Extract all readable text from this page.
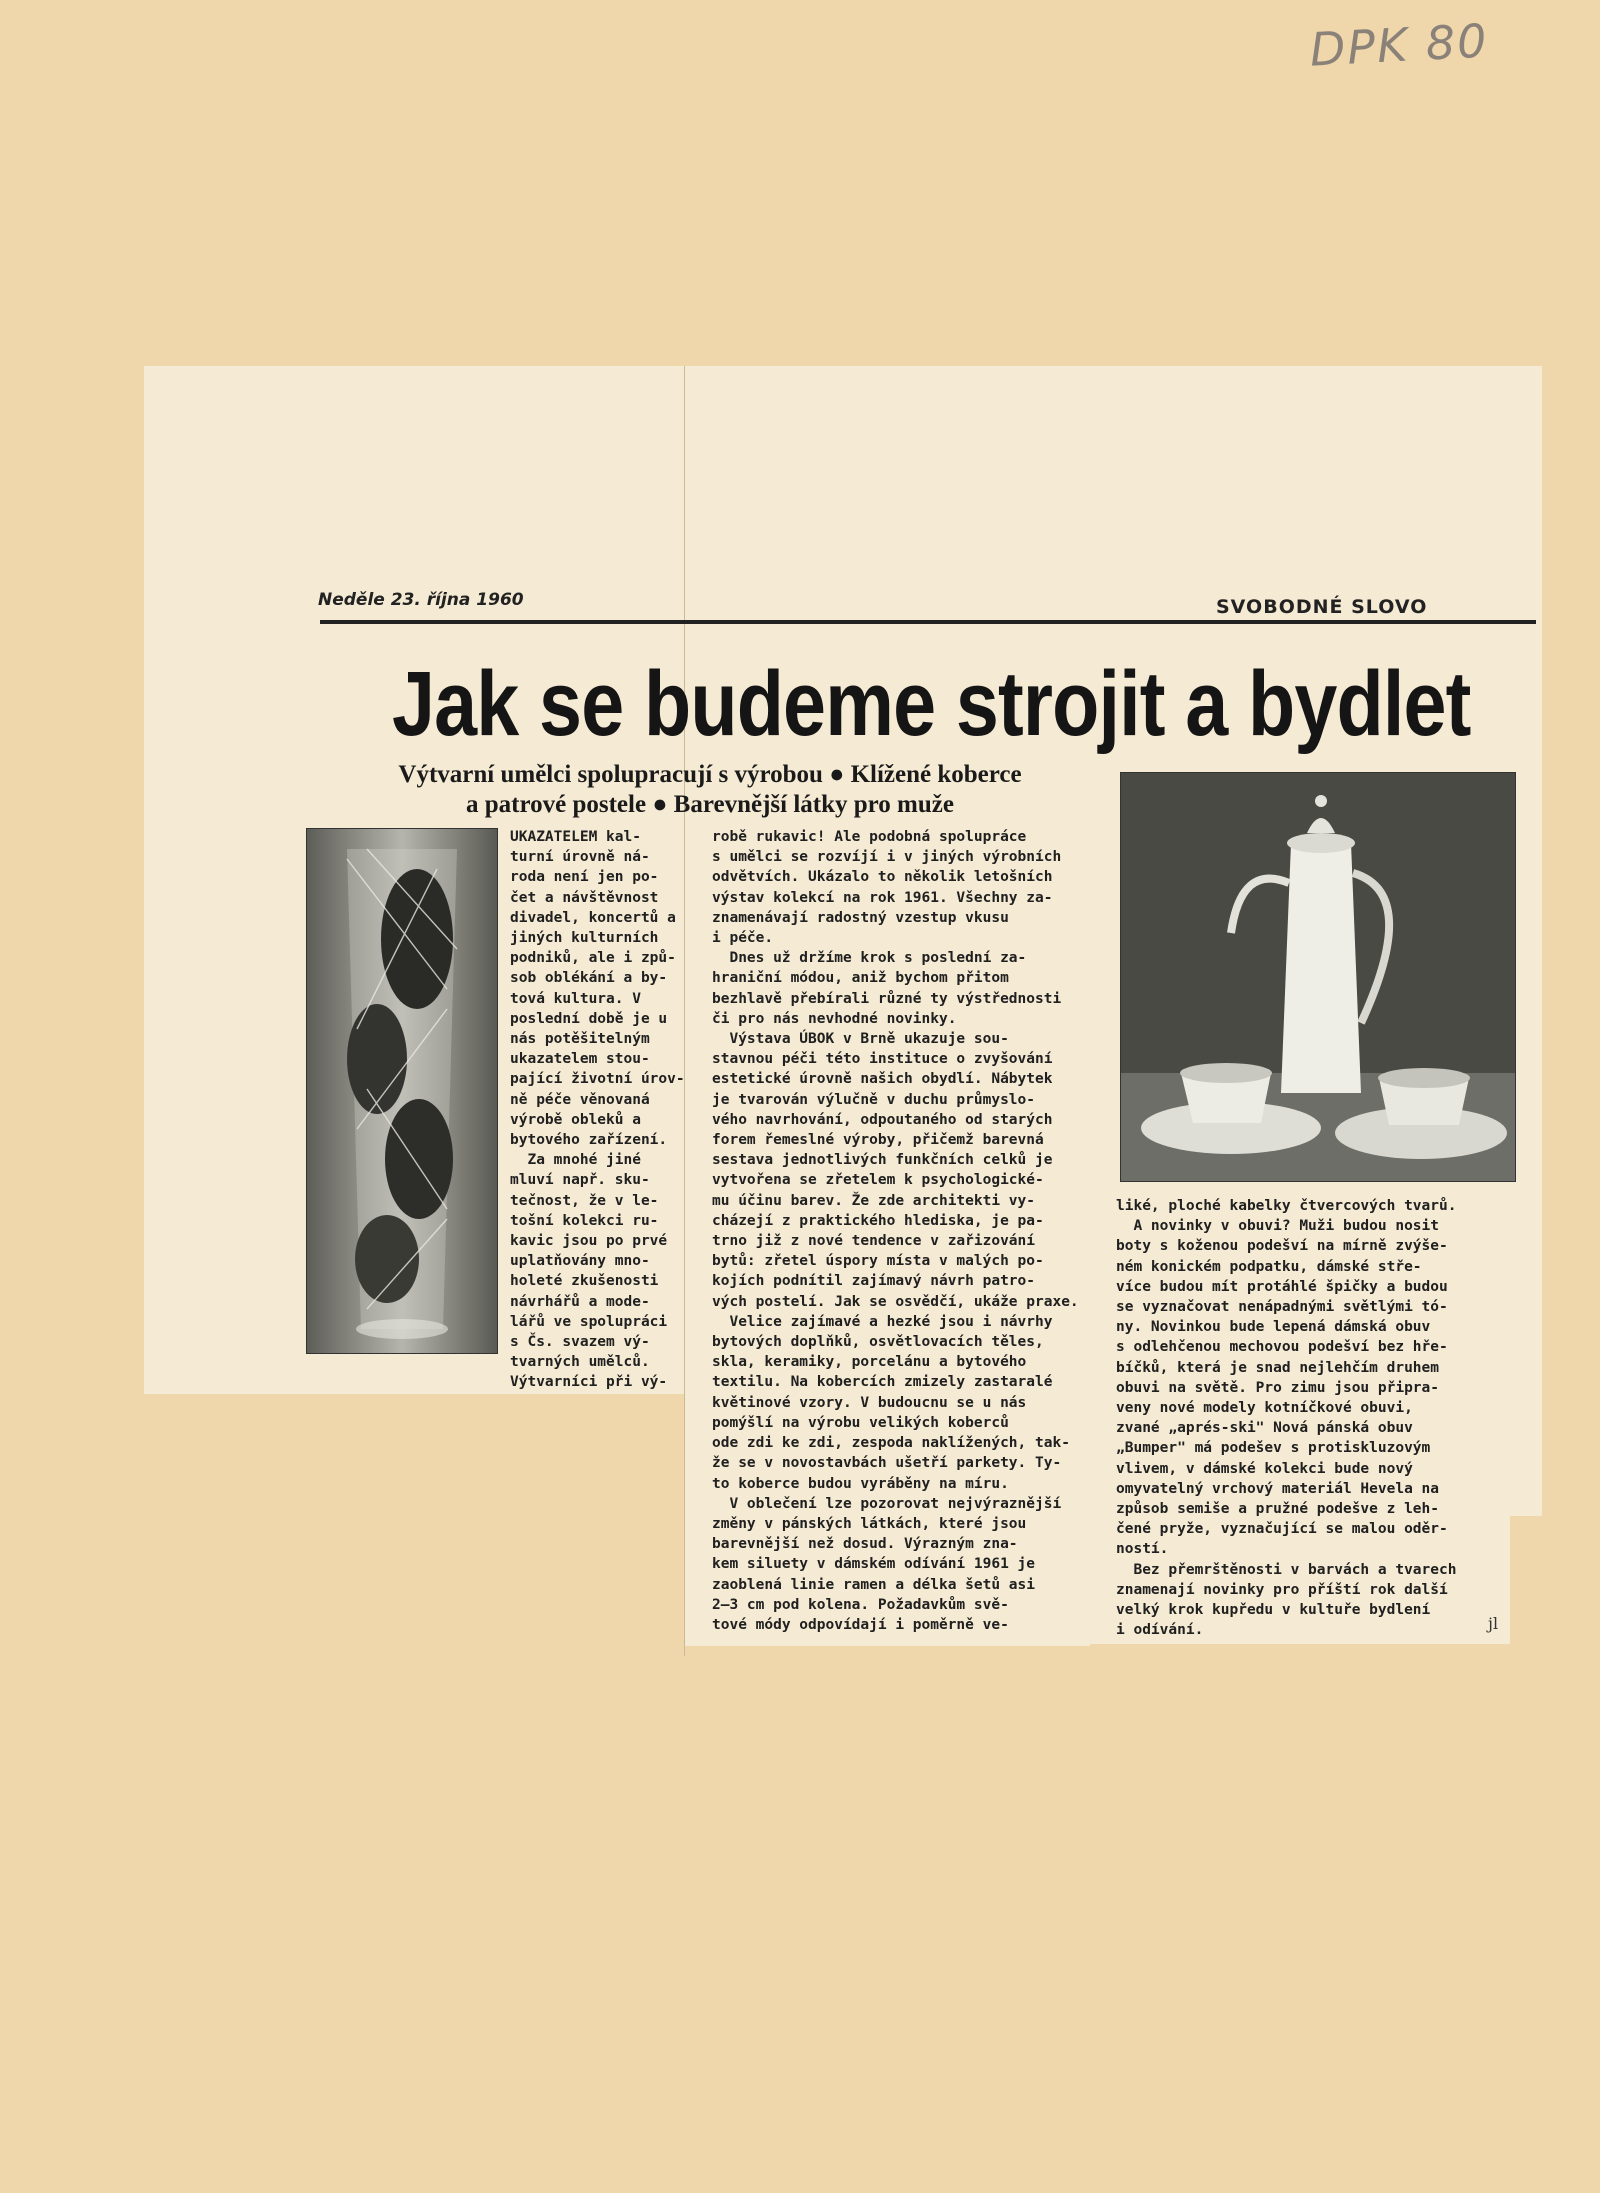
DPK 80
Neděle 23. října 1960	SVOBODNÉ SLOVO
Jak se budeme strojit a bydlet
Výtvarní umělci spolupracují s výrobou ● Klížené koberce
a patrové postele ● Barevnější látky pro muže
UKAZATELEM kal-
turní úrovně ná-
roda není jen po-
čet a návštěvnost
divadel, koncertů a
jiných kulturních
podniků, ale i způ-
sob oblékání a by-
tová kultura. V
poslední době je u
nás potěšitelným
ukazatelem stou-
pající životní úrov-
ně péče věnovaná
výrobě obleků a
bytového zařízení.
Za mnohé jiné
mluví např. sku-
tečnost, že v le-
tošní kolekci ru-
kavic jsou po prvé
uplatňovány mno-
holeté zkušenosti
návrhářů a mode-
lářů ve spolupráci
s Čs. svazem vý-
tvarných umělců.
Výtvarníci při vý-
robě rukavic! Ale podobná spolupráce
s umělci se rozvíjí i v jiných výrobních
odvětvích. Ukázalo to několik letošních
výstav kolekcí na rok 1961. Všechny za-
znamenávají radostný vzestup vkusu
i péče.
Dnes už držíme krok s poslední za-
hraniční módou, aniž bychom přitom
bezhlavě přebírali různé ty výstřednosti
či pro nás nevhodné novinky.
Výstava ÚBOK v Brně ukazuje sou-
stavnou péči této instituce o zvyšování
estetické úrovně našich obydlí. Nábytek
je tvarován výlučně v duchu průmyslo-
vého navrhování, odpoutaného od starých
forem řemeslné výroby, přičemž barevná
sestava jednotlivých funkčních celků je
vytvořena se zřetelem k psychologické-
mu účinu barev. Že zde architekti vy-
cházejí z praktického hlediska, je pa-
trno již z nové tendence v zařizování
bytů: zřetel úspory místa v malých po-
kojích podnítil zajímavý návrh patro-
vých postelí. Jak se osvědčí, ukáže praxe.
Velice zajímavé a hezké jsou i návrhy
bytových doplňků, osvětlovacích těles,
skla, keramiky, porcelánu a bytového
textilu. Na kobercích zmizely zastaralé
květinové vzory. V budoucnu se u nás
pomýšlí na výrobu velikých koberců
ode zdi ke zdi, zespoda naklížených, tak-
že se v novostavbách ušetří parkety. Ty-
to koberce budou vyráběny na míru.
V oblečení lze pozorovat nejvýraznější
změny v pánských látkách, které jsou
barevnější než dosud. Výrazným zna-
kem siluety v dámském odívání 1961 je
zaoblená linie ramen a délka šetů asi
2—3 cm pod kolena. Požadavkům svě-
tové módy odpovídají i poměrně ve-
liké, ploché kabelky čtvercových tvarů.
A novinky v obuvi? Muži budou nosit
boty s koženou podešví na mírně zvýše-
ném konickém podpatku, dámské stře-
více budou mít protáhlé špičky a budou
se vyznačovat nenápadnými světlými tó-
ny. Novinkou bude lepená dámská obuv
s odlehčenou mechovou podešví bez hře-
bíčků, která je snad nejlehčím druhem
obuvi na světě. Pro zimu jsou připra-
veny nové modely kotníčkové obuvi,
zvané „aprés-ski" Nová pánská obuv
„Bumper" má podešev s protiskluzovým
vlivem, v dámské kolekci bude nový
omyvatelný vrchový materiál Hevela na
způsob semiše a pružné podešve z leh-
čené pryže, vyznačující se malou oděr-
ností.
Bez přemrštěnosti v barvách a tvarech
znamenají novinky pro příští rok další
velký krok kupředu v kultuře bydlení
i odívání.	jl
